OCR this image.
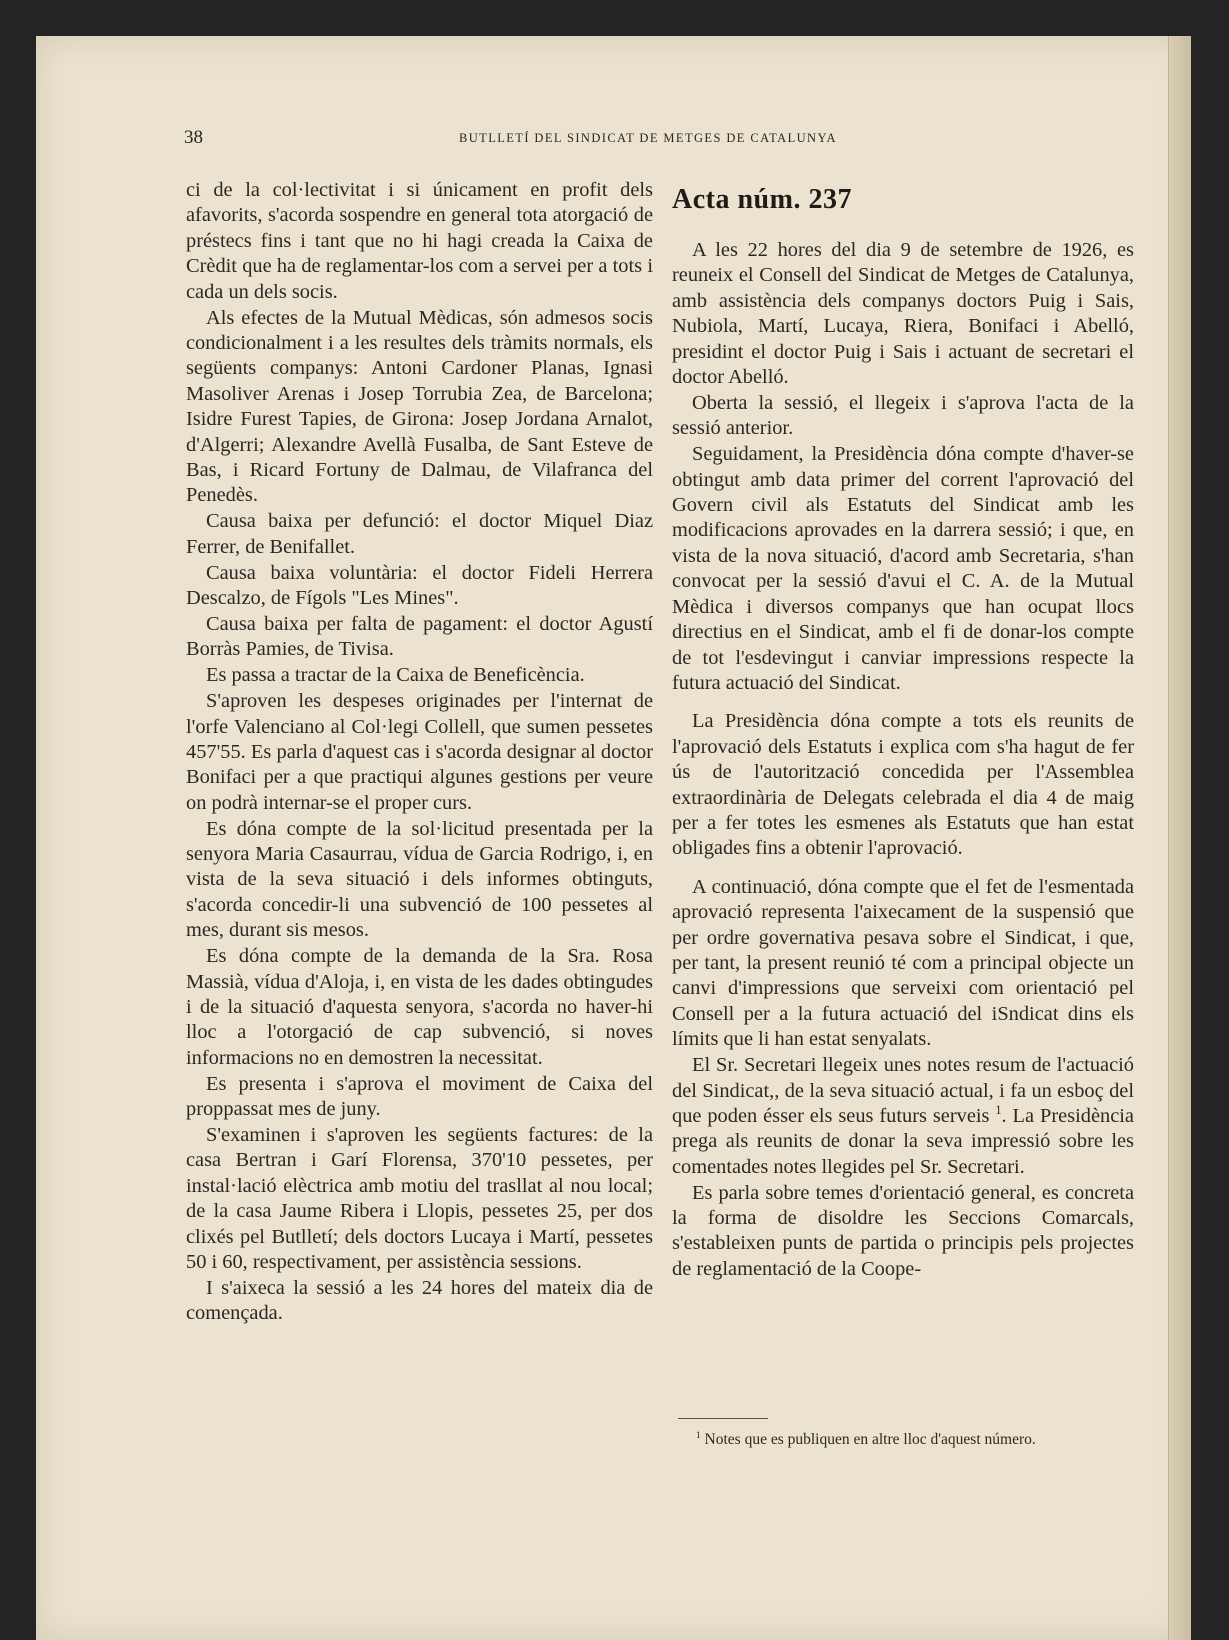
38	BUTLLETÍ DEL SINDICAT DE METGES DE CATALUNYA

ci de la col·lectivitat i si únicament en profit dels afavorits, s'acorda sospendre en general tota atorgació de préstecs fins i tant que no hi hagi creada la Caixa de Crèdit que ha de reglamentar-los com a servei per a tots i cada un dels socis.

Als efectes de la Mutual Mèdicas, són admesos socis condicionalment i a les resultes dels tràmits normals, els següents companys: Antoni Cardoner Planas, Ignasi Masoliver Arenas i Josep Torrubia Zea, de Barcelona; Isidre Furest Tapies, de Girona: Josep Jordana Arnalot, d'Algerri; Alexandre Avellà Fusalba, de Sant Esteve de Bas, i Ricard Fortuny de Dalmau, de Vilafranca del Penedès.

Causa baixa per defunció: el doctor Miquel Diaz Ferrer, de Benifallet.

Causa baixa voluntària: el doctor Fideli Herrera Descalzo, de Fígols "Les Mines".

Causa baixa per falta de pagament: el doctor Agustí Borràs Pamies, de Tivisa.

Es passa a tractar de la Caixa de Beneficència.

S'aproven les despeses originades per l'internat de l'orfe Valenciano al Col·legi Collell, que sumen pessetes 457'55. Es parla d'aquest cas i s'acorda designar al doctor Bonifaci per a que practiqui algunes gestions per veure on podrà internar-se el proper curs.

Es dóna compte de la sol·licitud presentada per la senyora Maria Casaurrau, vídua de Garcia Rodrigo, i, en vista de la seva situació i dels informes obtinguts, s'acorda concedir-li una subvenció de 100 pessetes al mes, durant sis mesos.

Es dóna compte de la demanda de la Sra. Rosa Massià, vídua d'Aloja, i, en vista de les dades obtingudes i de la situació d'aquesta senyora, s'acorda no haver-hi lloc a l'otorgació de cap subvenció, si noves informacions no en demostren la necessitat.

Es presenta i s'aprova el moviment de Caixa del proppassat mes de juny.

S'examinen i s'aproven les següents factures: de la casa Bertran i Garí Florensa, 370'10 pessetes, per instal·lació elèctrica amb motiu del trasllat al nou local; de la casa Jaume Ribera i Llopis, pessetes 25, per dos clixés pel Butlletí; dels doctors Lucaya i Martí, pessetes 50 i 60, respectivament, per assistència sessions.

I s'aixeca la sessió a les 24 hores del mateix dia de començada.

Acta núm. 237

A les 22 hores del dia 9 de setembre de 1926, es reuneix el Consell del Sindicat de Metges de Catalunya, amb assistència dels companys doctors Puig i Sais, Nubiola, Martí, Lucaya, Riera, Bonifaci i Abelló, presidint el doctor Puig i Sais i actuant de secretari el doctor Abelló.

Oberta la sessió, el llegeix i s'aprova l'acta de la sessió anterior.

Seguidament, la Presidència dóna compte d'haver-se obtingut amb data primer del corrent l'aprovació del Govern civil als Estatuts del Sindicat amb les modificacions aprovades en la darrera sessió; i que, en vista de la nova situació, d'acord amb Secretaria, s'han convocat per la sessió d'avui el C. A. de la Mutual Mèdica i diversos companys que han ocupat llocs directius en el Sindicat, amb el fi de donar-los compte de tot l'esdevingut i canviar impressions respecte la futura actuació del Sindicat.

La Presidència dóna compte a tots els reunits de l'aprovació dels Estatuts i explica com s'ha hagut de fer ús de l'autorització concedida per l'Assemblea extraordinària de Delegats celebrada el dia 4 de maig per a fer totes les esmenes als Estatuts que han estat obligades fins a obtenir l'aprovació.

A continuació, dóna compte que el fet de l'esmentada aprovació representa l'aixecament de la suspensió que per ordre governativa pesava sobre el Sindicat, i que, per tant, la present reunió té com a principal objecte un canvi d'impressions que serveixi com orientació pel Consell per a la futura actuació del iSndicat dins els límits que li han estat senyalats.

El Sr. Secretari llegeix unes notes resum de l'actuació del Sindicat,, de la seva situació actual, i fa un esboç del que poden ésser els seus futurs serveis $^1$. La Presidència prega als reunits de donar la seva impressió sobre les comentades notes llegides pel Sr. Secretari.

Es parla sobre temes d'orientació general, es concreta la forma de disoldre les Seccions Comarcals, s'estableixen punts de partida o principis pels projectes de reglamentació de la Coope-

$^1$ Notes que es publiquen en altre lloc d'aquest número.
